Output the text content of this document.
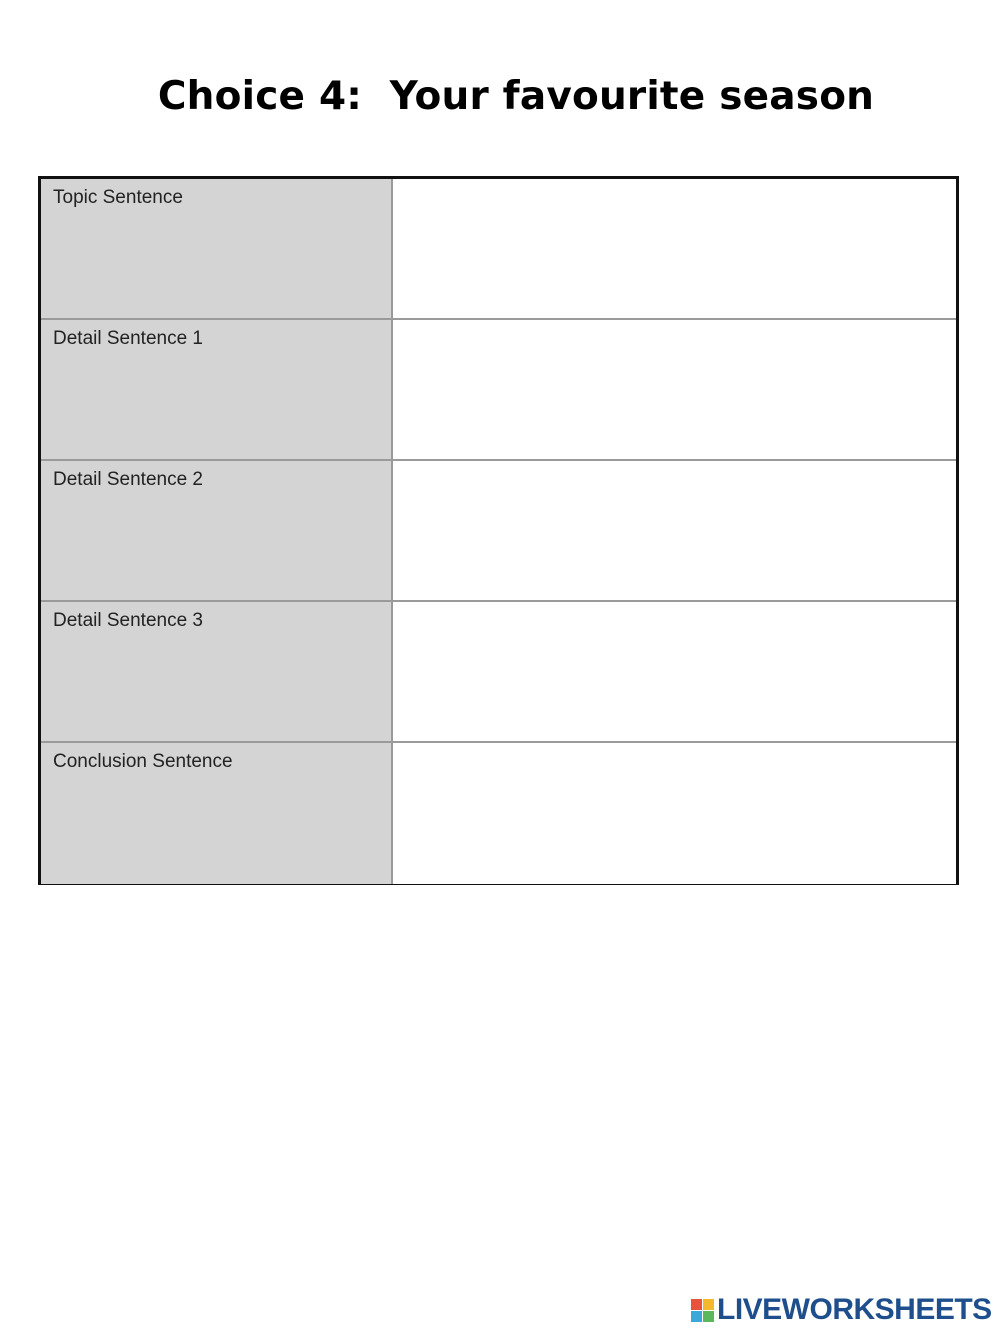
Choice 4:  Your favourite season
Topic Sentence
Detail Sentence 1
Detail Sentence 2
Detail Sentence 3
Conclusion Sentence
LIVEWORKSHEETS
